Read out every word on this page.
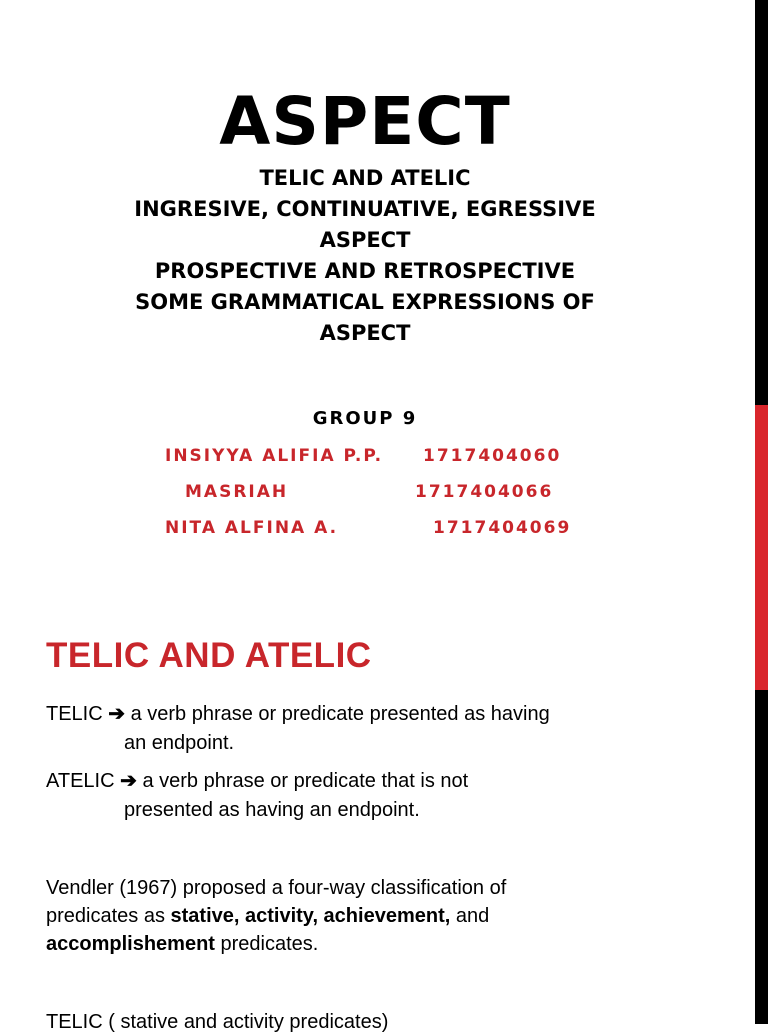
ASPECT
TELIC AND ATELIC
INGRESIVE, CONTINUATIVE, EGRESSIVE
ASPECT
PROSPECTIVE AND RETROSPECTIVE
SOME GRAMMATICAL EXPRESSIONS OF
ASPECT
GROUP 9
INSIYYA ALIFIA P.P. 1717404060
MASRIAH	1717404066
NITA ALFINA A.	1717404069
TELIC AND ATELIC
TELIC ➔ a verb phrase or predicate presented as having
an endpoint.
ATELIC ➔ a verb phrase or predicate that is not
presented as having an endpoint.
Vendler (1967) proposed a four-way classification of
predicates as stative, activity, achievement, and
accomplishement predicates.
TELIC ( stative and activity predicates)
